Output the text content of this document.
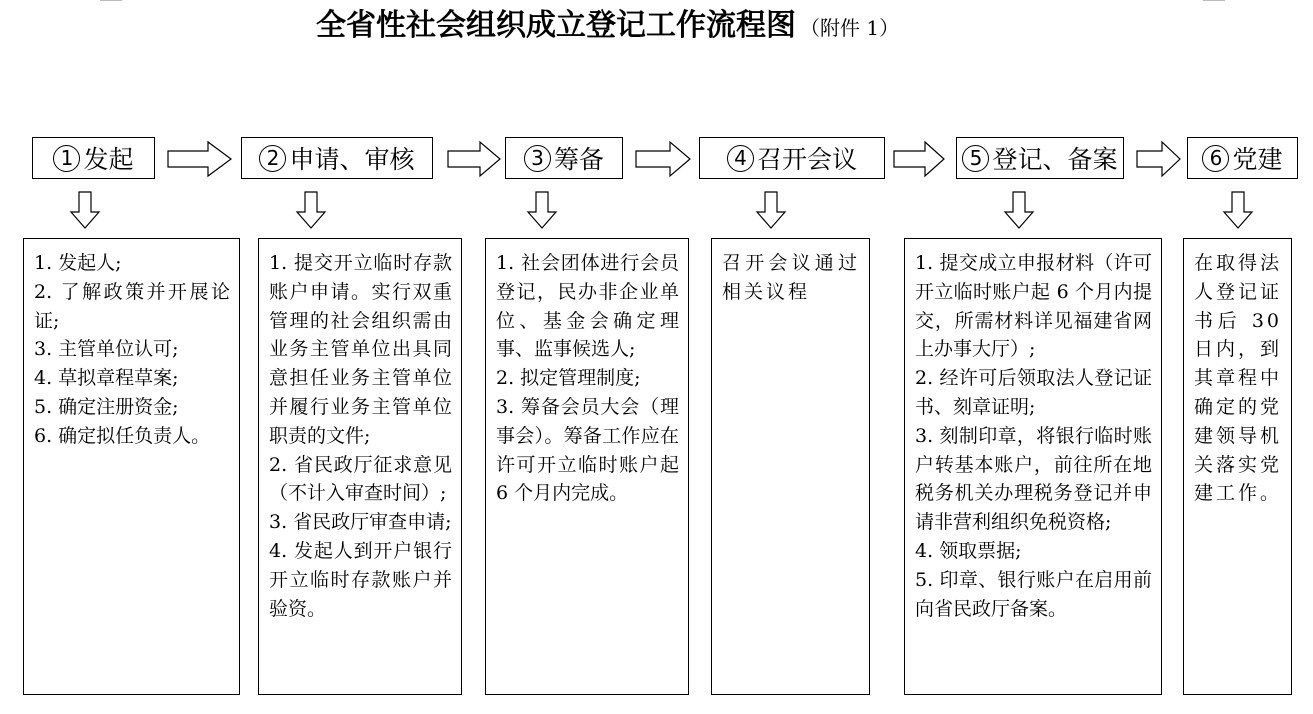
全省性社会组织成立登记工作流程图 （附件 1）
1 发起	2 申请、审核	3 筹备	4 召开会议	5 登记、备案	6 党建

1. 发起人;

2. 了解政策并开展论证;

3. 主管单位认可;

4. 草拟章程草案;

5. 确定注册资金;

6. 确定拟任负责人。

1. 提交开立临时存款账户申请。实行双重管理的社会组织需由业务主管单位出具同意担任业务主管单位并履行业务主管单位职责的文件;

2. 省民政厅征求意见（不计入审查时间）;

3. 省民政厅审查申请;

4. 发起人到开户银行开立临时存款账户并验资。

1. 社会团体进行会员登记，民办非企业单位、基金会确定理事、监事候选人;

2. 拟定管理制度;

3. 筹备会员大会（理事会）。筹备工作应在许可开立临时账户起 6 个月内完成。

召开会议通过相关议程

1. 提交成立申报材料（许可开立临时账户起 6 个月内提交，所需材料详见福建省网上办事大厅）;

2. 经许可后领取法人登记证书、刻章证明;

3. 刻制印章，将银行临时账户转基本账户，前往所在地税务机关办理税务登记并申请非营利组织免税资格;

4. 领取票据;

5. 印章、银行账户在启用前向省民政厅备案。

在取得法人登记证书后 30 日内，到其章程中确定的党建领导机关落实党建工作。
